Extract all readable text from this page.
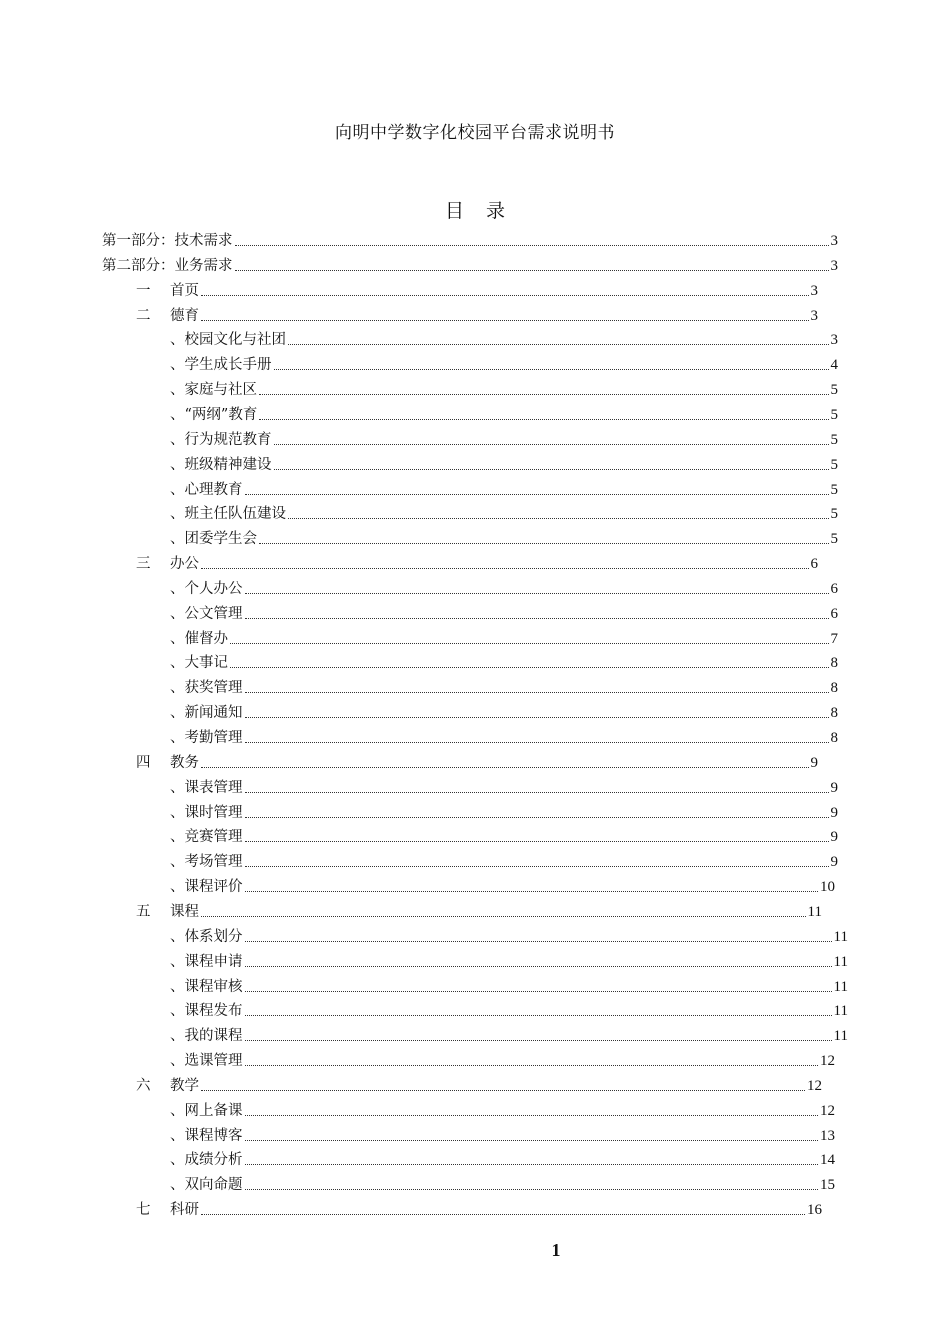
向明中学数字化校园平台需求说明书
目 录
第一部分：技术需求	3
第二部分：业务需求	3
一	首页	3
二	德育	3
、校园文化与社团	3
、学生成长手册	4
、家庭与社区	5
、“两纲”教育	5
、行为规范教育	5
、班级精神建设	5
、心理教育	5
、班主任队伍建设	5
、团委学生会	5
三	办公	6
、个人办公	6
、公文管理	6
、催督办	7
、大事记	8
、获奖管理	8
、新闻通知	8
、考勤管理	8
四	教务	9
、课表管理	9
、课时管理	9
、竞赛管理	9
、考场管理	9
、课程评价	10
五	课程	11
、体系划分	11
、课程申请	11
、课程审核	11
、课程发布	11
、我的课程	11
、选课管理	12
六	教学	12
、网上备课	12
、课程博客	13
、成绩分析	14
、双向命题	15
七	科研	16
1
